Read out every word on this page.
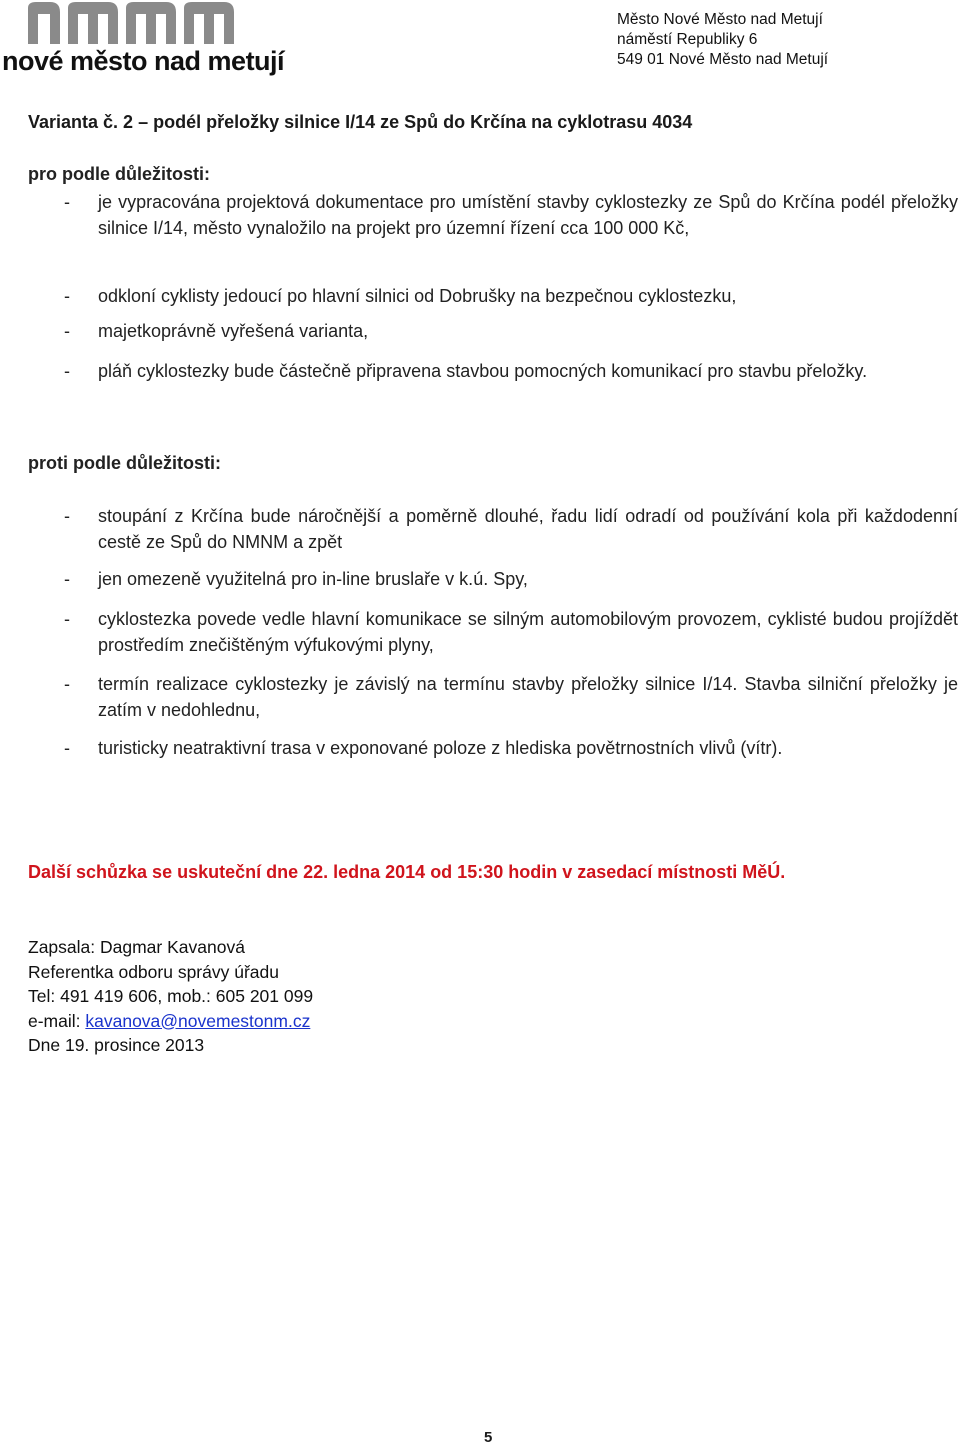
nové město nad metují
Město Nové Město nad Metují
náměstí Republiky 6
549 01 Nové Město nad Metují
Varianta č. 2 – podél přeložky silnice I/14 ze Spů do Krčína na cyklotrasu 4034
pro podle důležitosti:
- je vypracována projektová dokumentace pro umístění stavby cyklostezky ze Spů do Krčína podél přeložky silnice I/14, město vynaložilo na projekt pro územní řízení cca 100 000 Kč,
- odkloní cyklisty jedoucí po hlavní silnici od Dobrušky na bezpečnou cyklostezku,
- majetkoprávně vyřešená varianta,
- pláň cyklostezky bude částečně připravena stavbou pomocných komunikací pro stavbu přeložky.
proti podle důležitosti:
- stoupání z Krčína bude náročnější a poměrně dlouhé, řadu lidí odradí od používání kola při každodenní cestě ze Spů do NMNM a zpět
- jen omezeně využitelná pro in-line bruslaře v k.ú. Spy,
- cyklostezka povede vedle hlavní komunikace se silným automobilovým provozem, cyklisté budou projíždět prostředím znečištěným výfukovými plyny,
- termín realizace cyklostezky je závislý na termínu stavby přeložky silnice I/14. Stavba silniční přeložky je zatím v nedohlednu,
- turisticky neatraktivní trasa v exponované poloze z hlediska povětrnostních vlivů (vítr).
Další schůzka se uskuteční dne 22. ledna 2014 od 15:30 hodin v zasedací místnosti MěÚ.
Zapsala: Dagmar Kavanová
Referentka odboru správy úřadu
Tel: 491 419 606, mob.: 605 201 099
e-mail: kavanova@novemestonm.cz
Dne 19. prosince 2013
5
